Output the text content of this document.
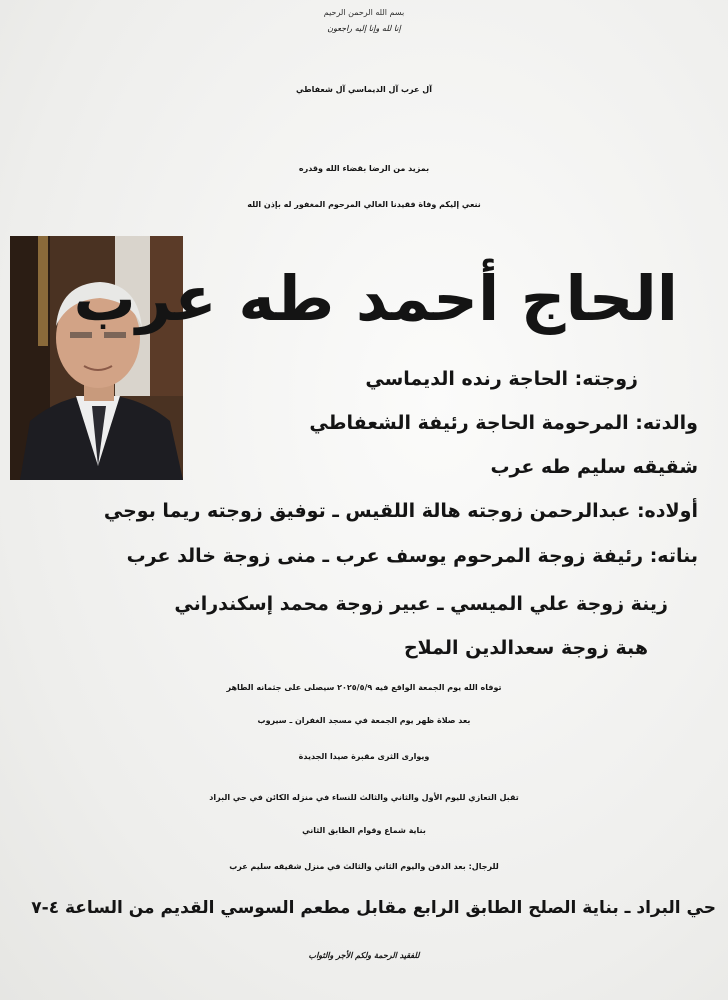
بسم الله الرحمن الرحيم
إنا لله وإنا إليه راجعون
آل عرب آل الديماسي آل شعفاطي
بمزيد من الرضا بقضاء الله وقدره
ننعي إليكم وفاة فقيدنا الغالي المرحوم المغفور له بإذن الله
الحاج أحمد طه عرب
زوجته: الحاجة رنده الديماسي
والدته: المرحومة الحاجة رئيفة الشعفاطي
شقيقه سليم طه عرب
أولاده: عبدالرحمن زوجته هالة اللقيس ـ توفيق زوجته ريما بوجي
بناته: رئيفة زوجة المرحوم يوسف عرب ـ منى زوجة خالد عرب
زينة زوجة علي الميسي ـ عبير زوجة محمد إسكندراني
هبة زوجة سعدالدين الملاح
توفاه الله يوم الجمعة الواقع فيه ٢٠٢٥/٥/٩ سيصلى على جثمانه الطاهر
بعد صلاة ظهر يوم الجمعة في مسجد الغفران ـ سيروب
ويوارى الثرى مقبرة صيدا الجديدة
تقبل التعازي لليوم الأول والثاني والثالث للنساء في منزله الكائن في حي البراد
بناية شماع وقوام الطابق الثاني
للرجال: بعد الدفن واليوم الثاني والثالث في منزل شقيقه سليم عرب
حي البراد ـ بناية الصلح الطابق الرابع مقابل مطعم السوسي القديم من الساعة ٤-٧
للفقيد الرحمة ولكم الأجر والثواب
